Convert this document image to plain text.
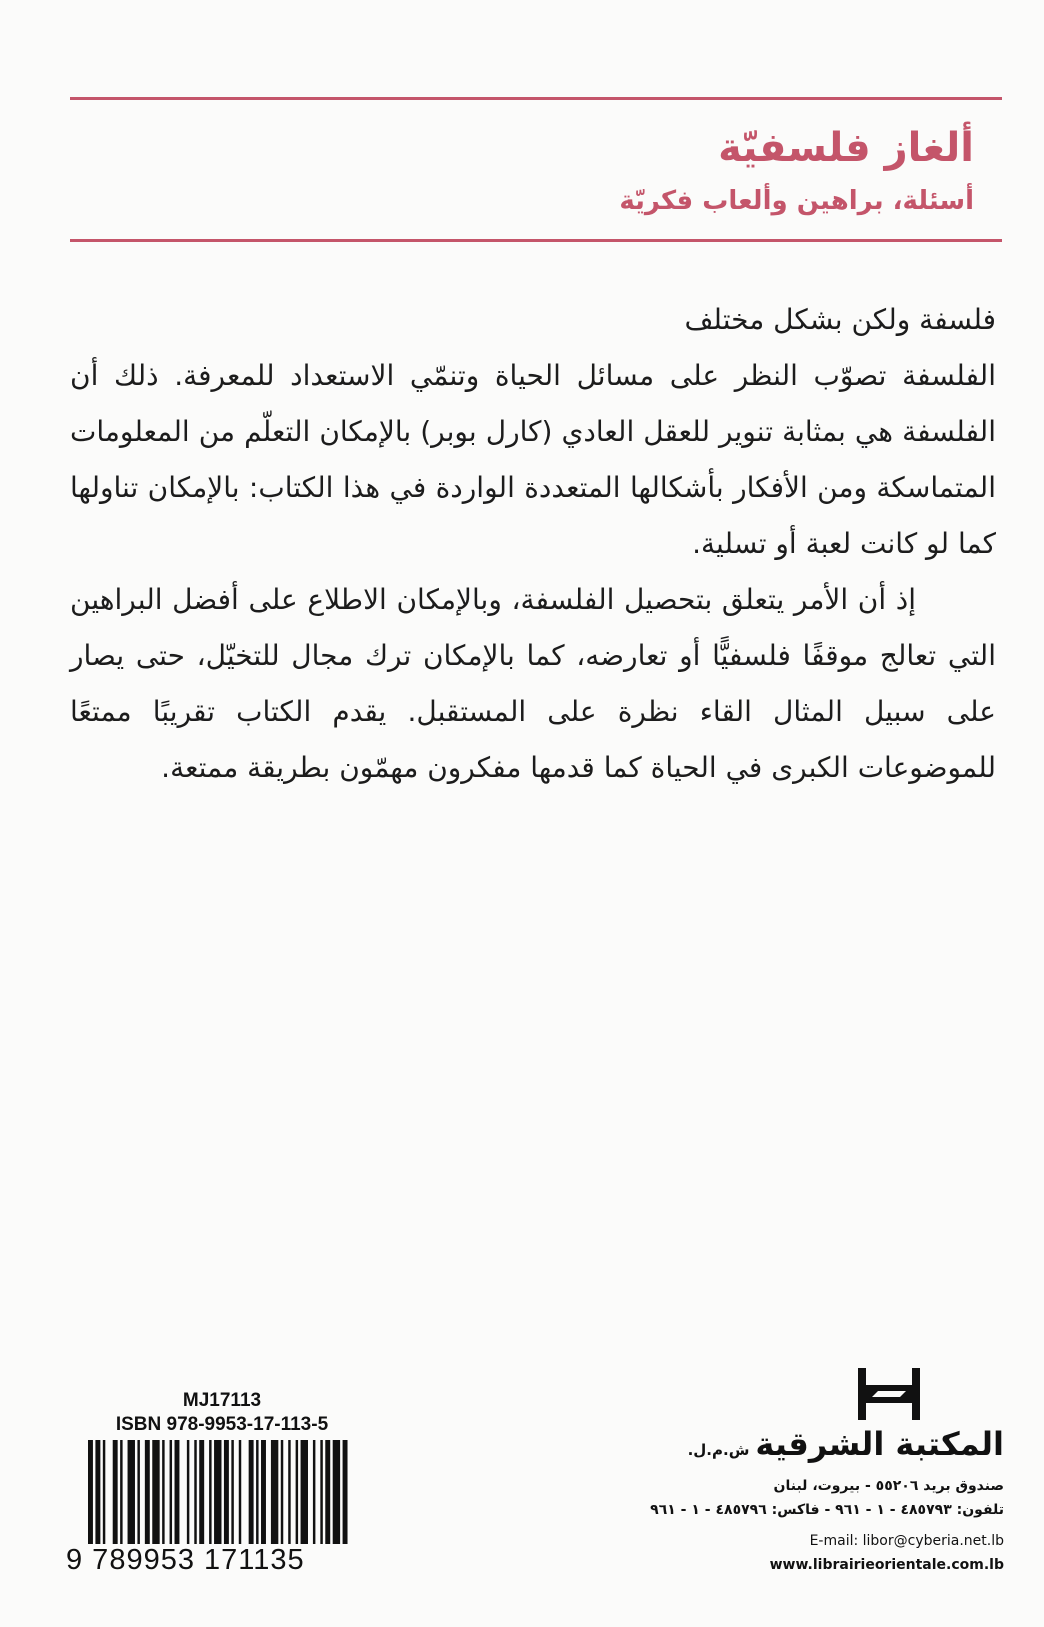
ألغاز فلسفيّة
أسئلة، براهين وألعاب فكريّة

فلسفة ولكن بشكل مختلف

الفلسفة تصوّب النظر على مسائل الحياة وتنمّي الاستعداد للمعرفة. ذلك أن الفلسفة هي بمثابة تنوير للعقل العادي (كارل بوبر) بالإمكان التعلّم من المعلومات المتماسكة ومن الأفكار بأشكالها المتعددة الواردة في هذا الكتاب: بالإمكان تناولها كما لو كانت لعبة أو تسلية.

إذ أن الأمر يتعلق بتحصيل الفلسفة، وبالإمكان الاطلاع على أفضل البراهين التي تعالج موقفًا فلسفيًّا أو تعارضه، كما بالإمكان ترك مجال للتخيّل، حتى يصار على سبيل المثال القاء نظرة على المستقبل. يقدم الكتاب تقريبًا ممتعًا للموضوعات الكبرى في الحياة كما قدمها مفكرون مهمّون بطريقة ممتعة.

المكتبة الشرقيةش.م.ل.
صندوق بريد ٥٥٢٠٦ - بيروت، لبنان
تلفون: ٤٨٥٧٩٣ - ١ - ٩٦١ - فاكس: ٤٨٥٧٩٦ - ١ - ٩٦١
E-mail: libor@cyberia.net.lb
www.librairieorientale.com.lb
MJ17113
ISBN 978-9953-17-113-5
9 789953 171135
